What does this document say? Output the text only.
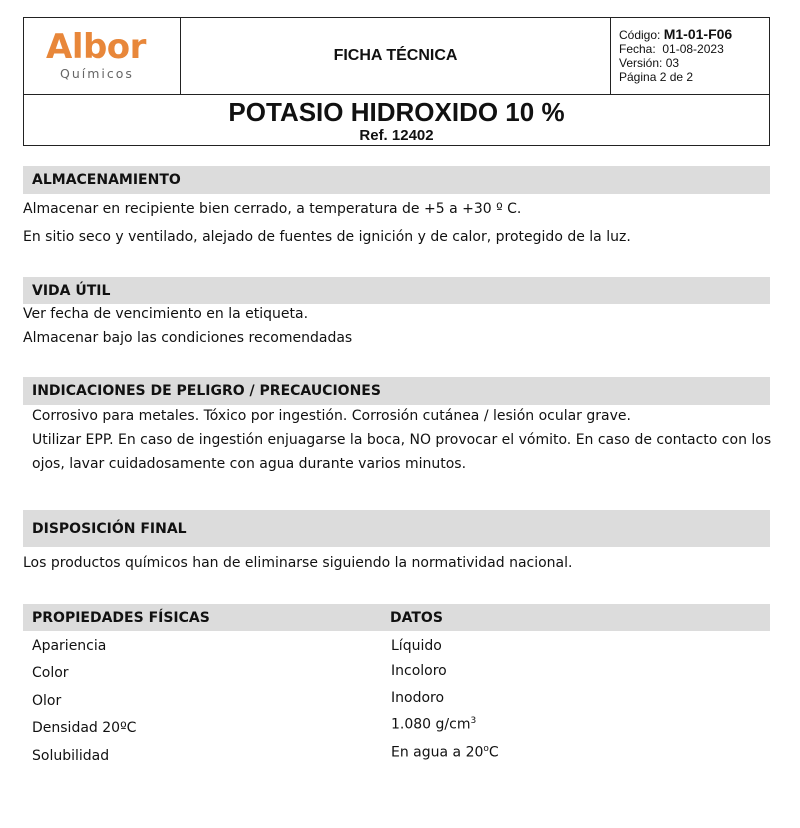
Albor
Químicos
FICHA TÉCNICA
Código: M1-01-F06
Fecha: 01-08-2023
Versión: 03
Página 2 de 2
POTASIO HIDROXIDO 10 %
Ref. 12402
ALMACENAMIENTO
Almacenar en recipiente bien cerrado, a temperatura de +5 a +30 º C.
En sitio seco y ventilado, alejado de fuentes de ignición y de calor, protegido de la luz.
VIDA ÚTIL
Ver fecha de vencimiento en la etiqueta.
Almacenar bajo las condiciones recomendadas
INDICACIONES DE PELIGRO / PRECAUCIONES
Corrosivo para metales. Tóxico por ingestión. Corrosión cutánea / lesión ocular grave.
Utilizar EPP. En caso de ingestión enjuagarse la boca, NO provocar el vómito. En caso de contacto con los
ojos, lavar cuidadosamente con agua durante varios minutos.
DISPOSICIÓN FINAL
Los productos químicos han de eliminarse siguiendo la normatividad nacional.
PROPIEDADES FÍSICAS	DATOS
Apariencia	Líquido
Color	Incoloro
Olor	Inodoro
Densidad 20ºC	1.080 $g/cm^3$
Solubilidad	En agua a 20$^o$C
